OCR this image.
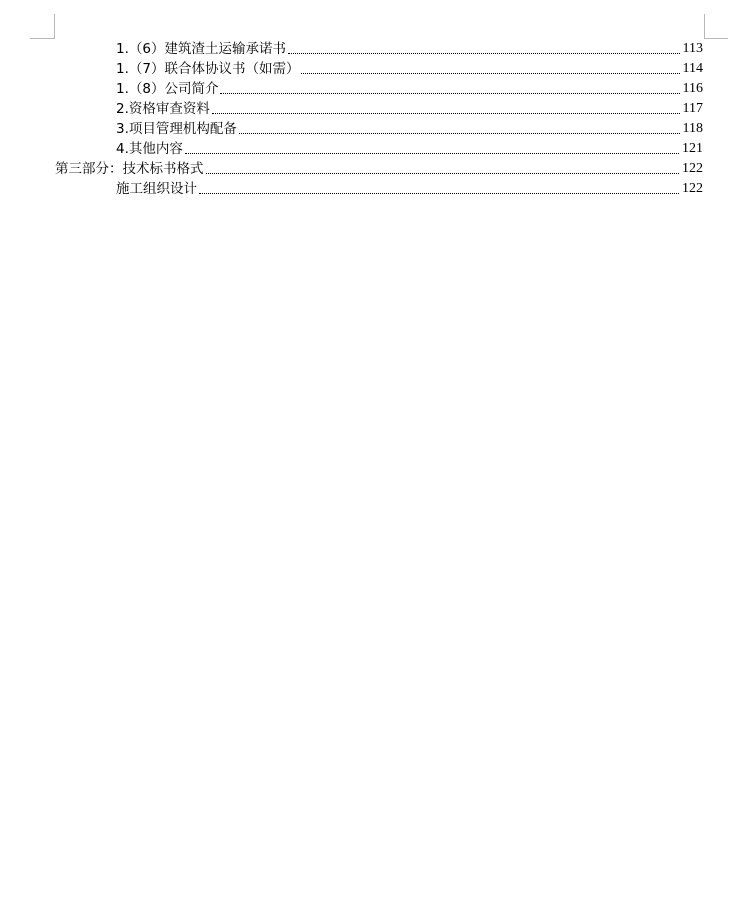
1.（6）建筑渣土运输承诺书	113
1.（7）联合体协议书（如需）	114
1.（8）公司简介	116
2.资格审查资料	117
3.项目管理机构配备	118
4.其他内容	121
第三部分：技术标书格式	122
施工组织设计	122
